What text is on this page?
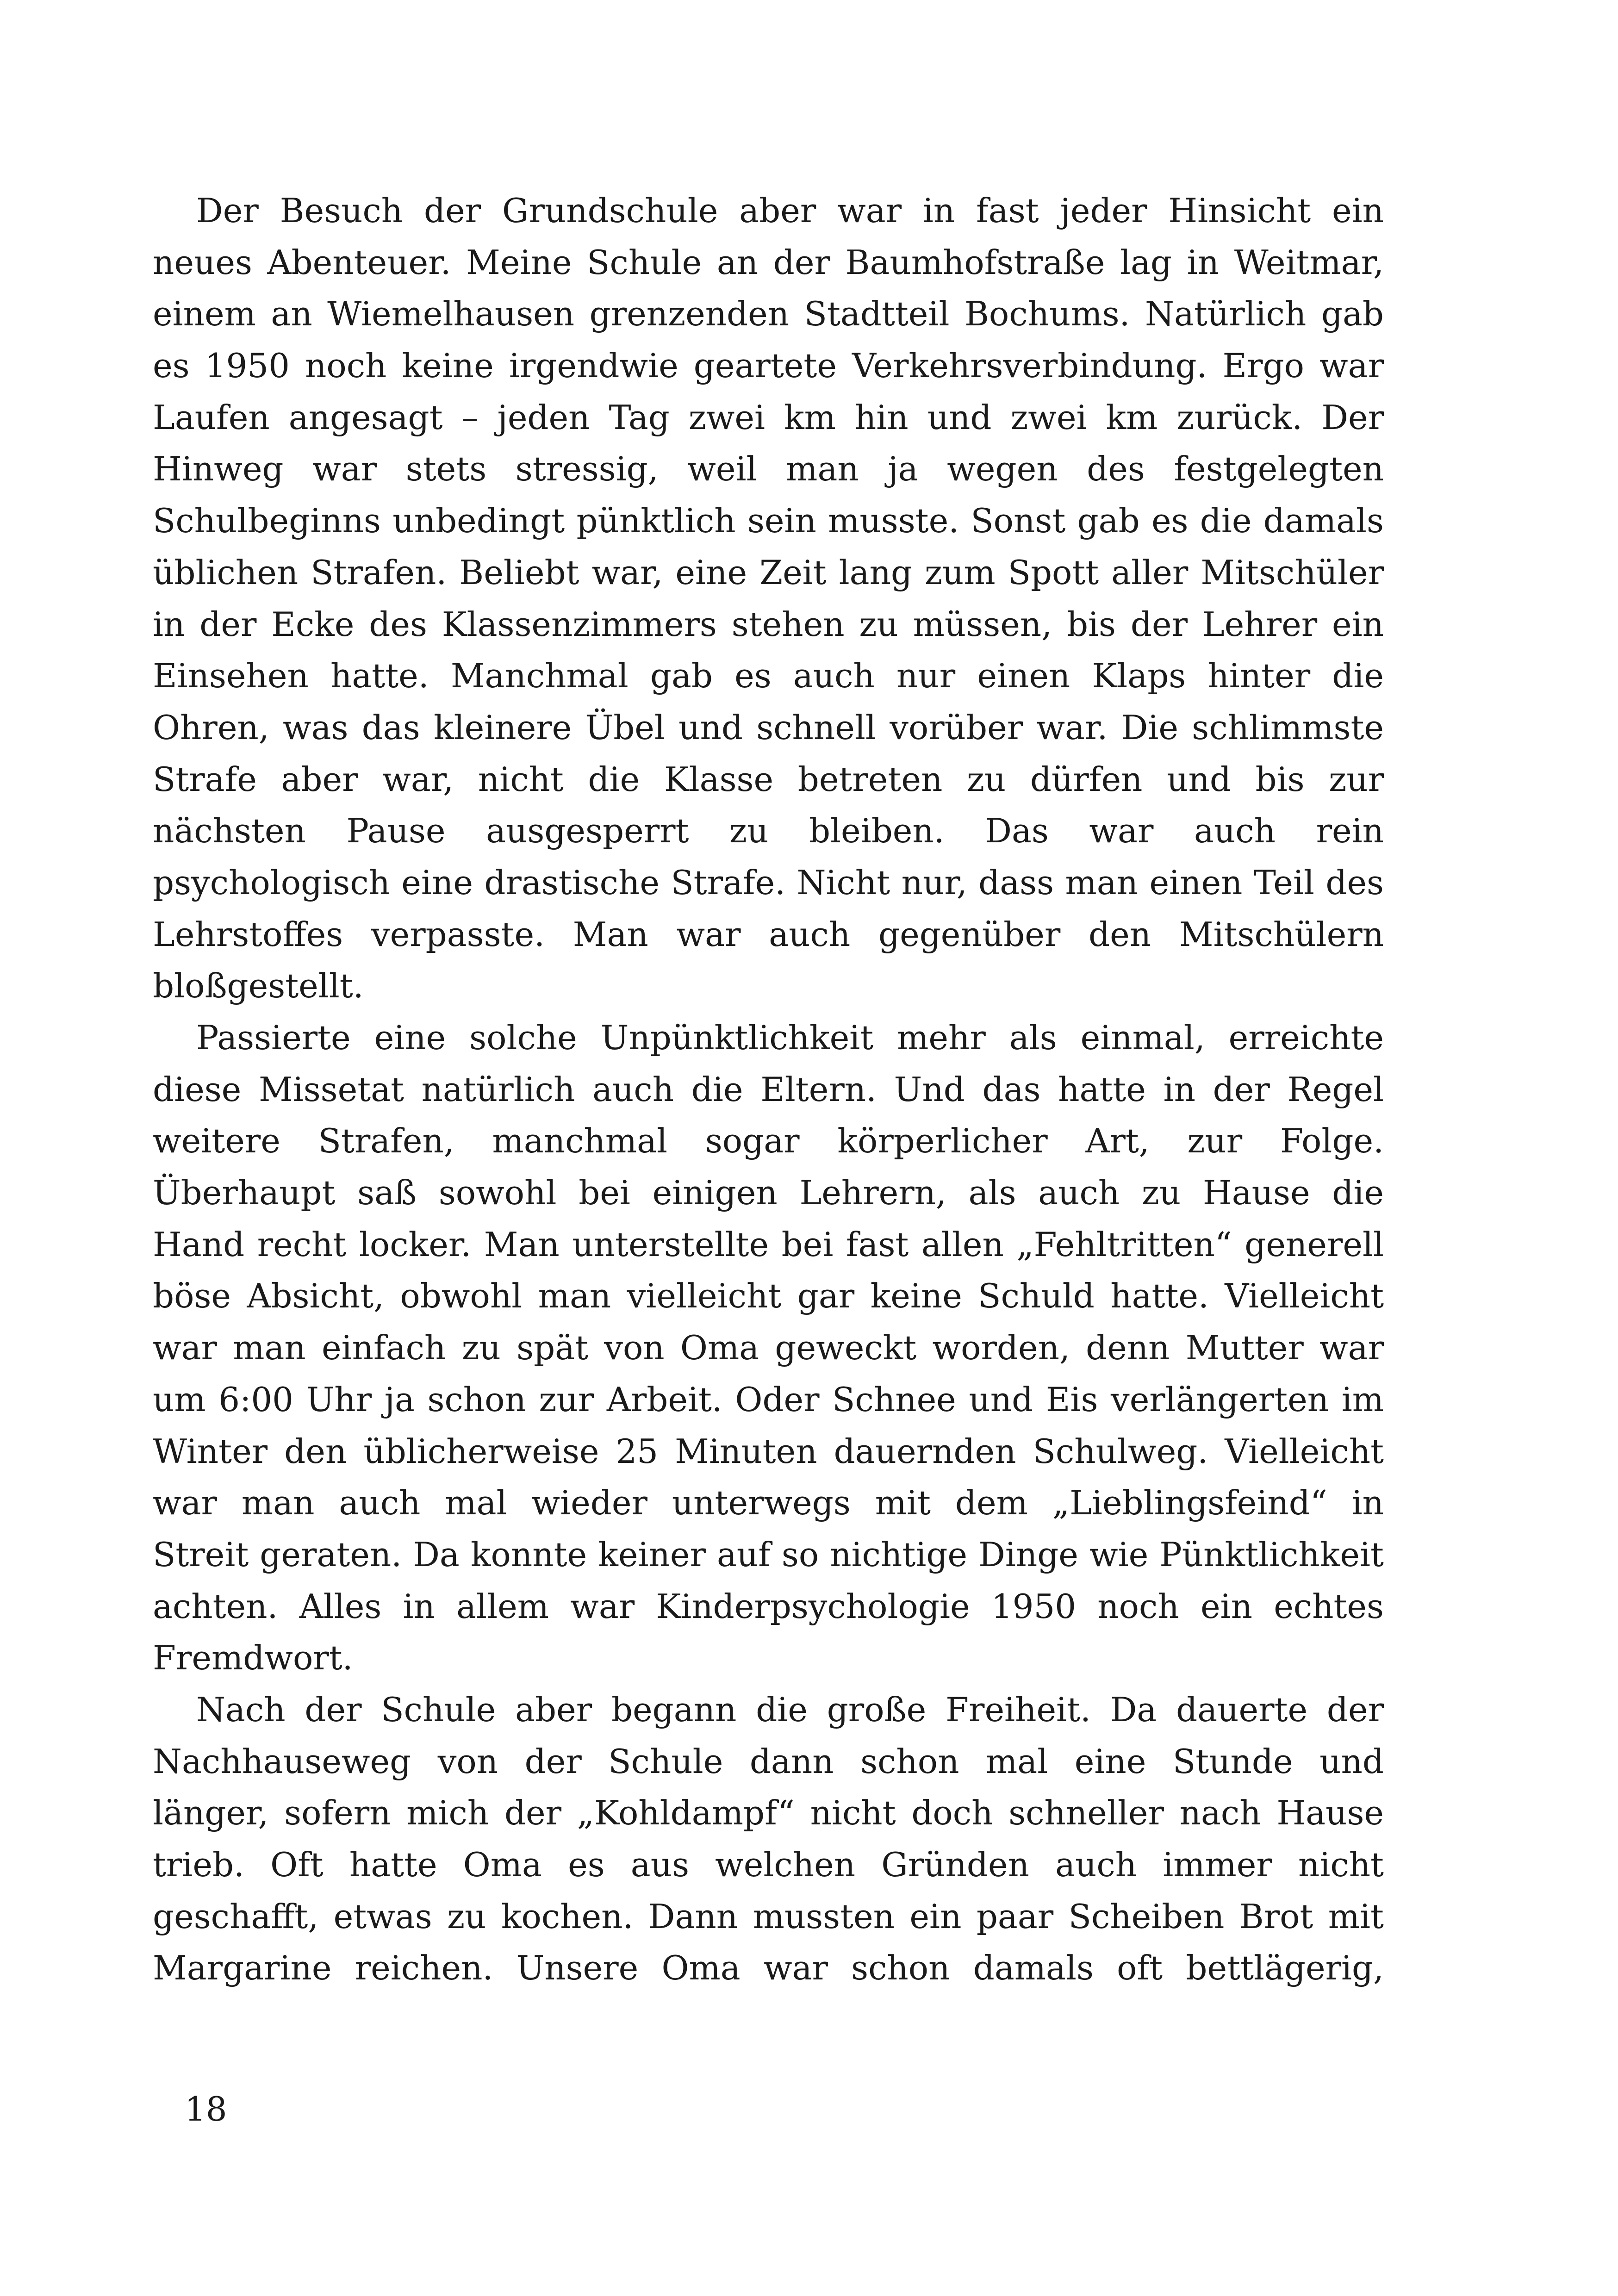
Der Besuch der Grundschule aber war in fast jeder Hinsicht ein
neues Abenteuer. Meine Schule an der Baumhofstraße lag in Weitmar,
einem an Wiemelhausen grenzenden Stadtteil Bochums. Natürlich gab
es 1950 noch keine irgendwie geartete Verkehrsverbindung. Ergo war
Laufen angesagt – jeden Tag zwei km hin und zwei km zurück. Der
Hinweg war stets stressig, weil man ja wegen des festgelegten
Schulbeginns unbedingt pünktlich sein musste. Sonst gab es die damals
üblichen Strafen. Beliebt war, eine Zeit lang zum Spott aller Mitschüler
in der Ecke des Klassenzimmers stehen zu müssen, bis der Lehrer ein
Einsehen hatte. Manchmal gab es auch nur einen Klaps hinter die
Ohren, was das kleinere Übel und schnell vorüber war. Die schlimmste
Strafe aber war, nicht die Klasse betreten zu dürfen und bis zur
nächsten Pause ausgesperrt zu bleiben. Das war auch rein
psychologisch eine drastische Strafe. Nicht nur, dass man einen Teil des
Lehrstoffes verpasste. Man war auch gegenüber den Mitschülern
bloßgestellt.
Passierte eine solche Unpünktlichkeit mehr als einmal, erreichte
diese Missetat natürlich auch die Eltern. Und das hatte in der Regel
weitere Strafen, manchmal sogar körperlicher Art, zur Folge.
Überhaupt saß sowohl bei einigen Lehrern, als auch zu Hause die
Hand recht locker. Man unterstellte bei fast allen „Fehltritten“ generell
böse Absicht, obwohl man vielleicht gar keine Schuld hatte. Vielleicht
war man einfach zu spät von Oma geweckt worden, denn Mutter war
um 6:00 Uhr ja schon zur Arbeit. Oder Schnee und Eis verlängerten im
Winter den üblicherweise 25 Minuten dauernden Schulweg. Vielleicht
war man auch mal wieder unterwegs mit dem „Lieblingsfeind“ in
Streit geraten. Da konnte keiner auf so nichtige Dinge wie Pünktlichkeit
achten. Alles in allem war Kinderpsychologie 1950 noch ein echtes
Fremdwort.
Nach der Schule aber begann die große Freiheit. Da dauerte der
Nachhauseweg von der Schule dann schon mal eine Stunde und
länger, sofern mich der „Kohldampf“ nicht doch schneller nach Hause
trieb. Oft hatte Oma es aus welchen Gründen auch immer nicht
geschafft, etwas zu kochen. Dann mussten ein paar Scheiben Brot mit
Margarine reichen. Unsere Oma war schon damals oft bettlägerig,
18
